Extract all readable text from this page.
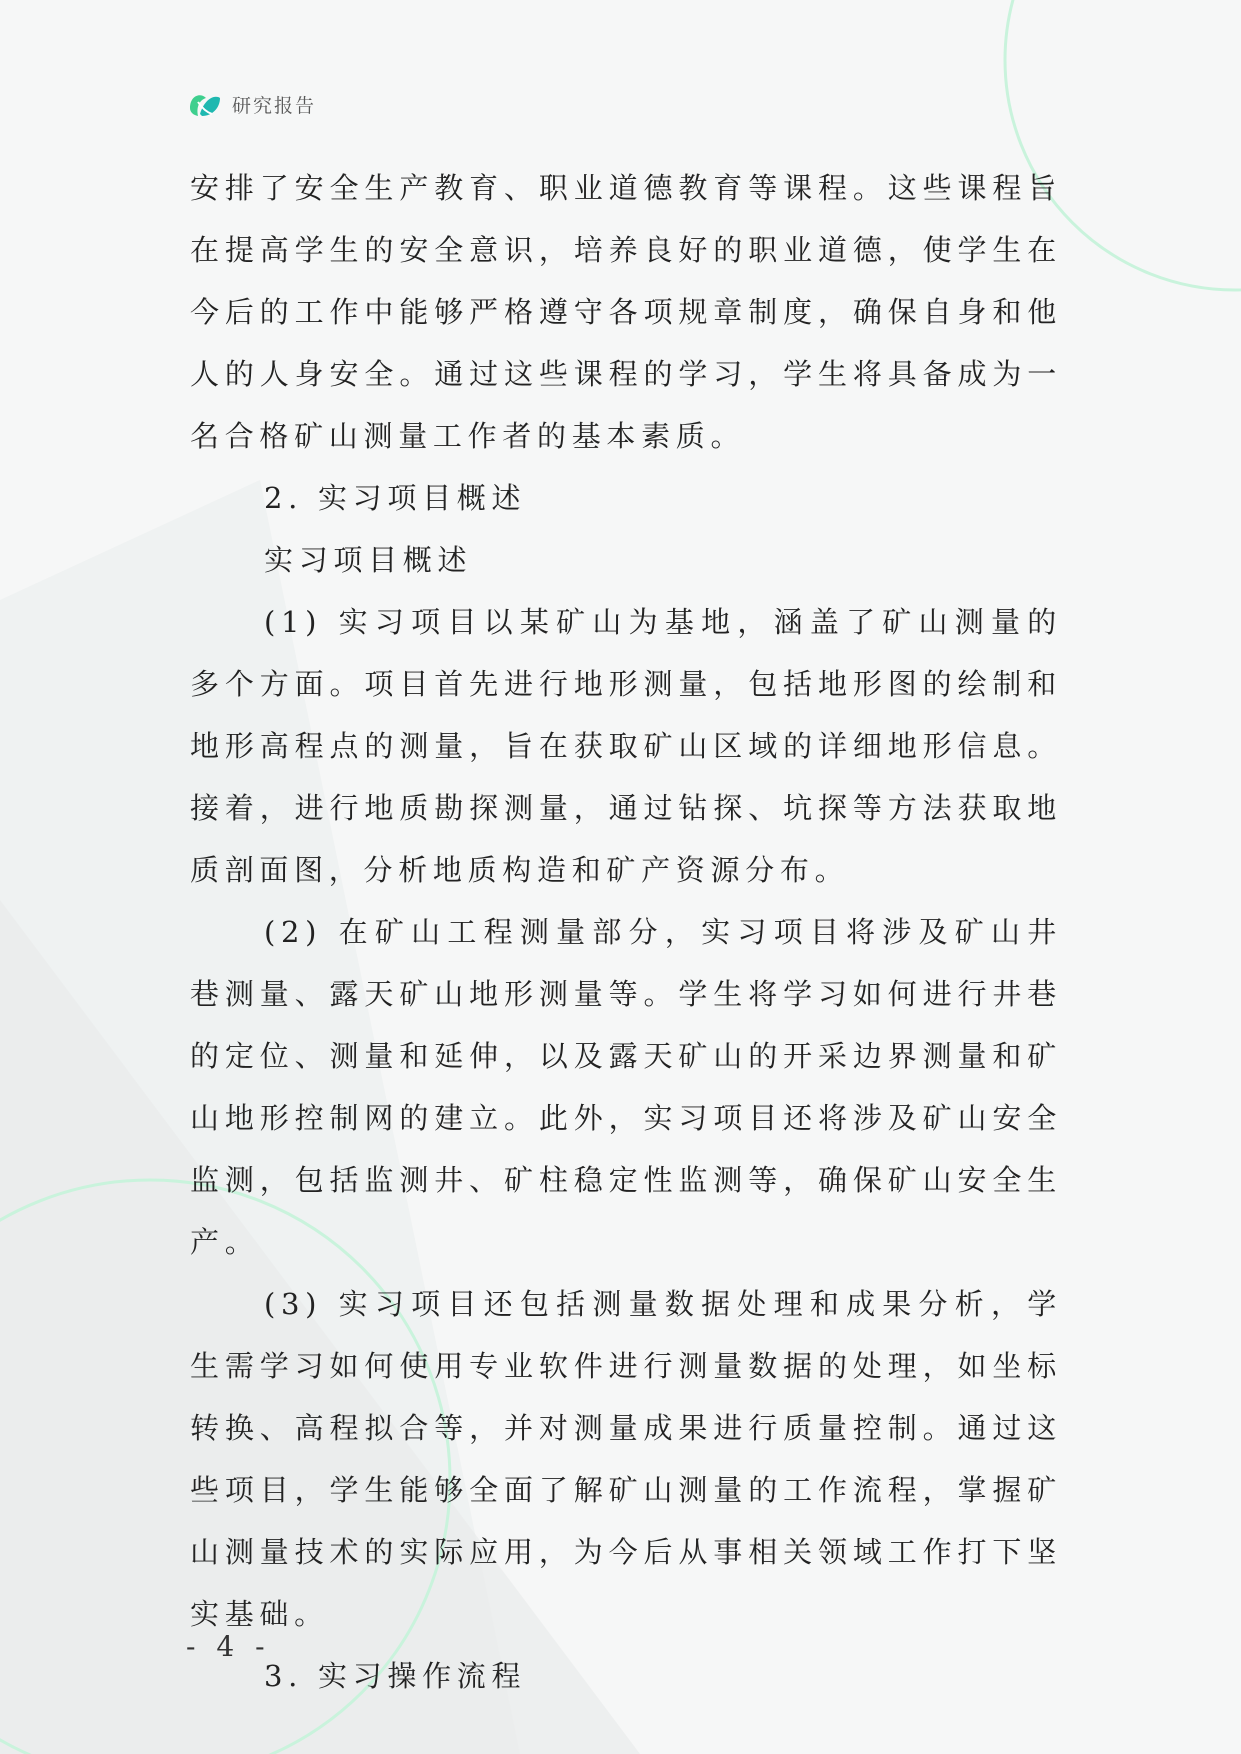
研究报告

安排了安全生产教育、职业道德教育等课程。这些课程旨在提高学生的安全意识，培养良好的职业道德，使学生在今后的工作中能够严格遵守各项规章制度，确保自身和他人的人身安全。通过这些课程的学习，学生将具备成为一名合格矿山测量工作者的基本素质。

2. 实习项目概述

实习项目概述

(1) 实习项目以某矿山为基地，涵盖了矿山测量的多个方面。项目首先进行地形测量，包括地形图的绘制和地形高程点的测量，旨在获取矿山区域的详细地形信息。接着，进行地质勘探测量，通过钻探、坑探等方法获取地质剖面图，分析地质构造和矿产资源分布。

(2) 在矿山工程测量部分，实习项目将涉及矿山井巷测量、露天矿山地形测量等。学生将学习如何进行井巷的定位、测量和延伸，以及露天矿山的开采边界测量和矿山地形控制网的建立。此外，实习项目还将涉及矿山安全监测，包括监测井、矿柱稳定性监测等，确保矿山安全生产。

(3) 实习项目还包括测量数据处理和成果分析，学生需学习如何使用专业软件进行测量数据的处理，如坐标转换、高程拟合等，并对测量成果进行质量控制。通过这些项目，学生能够全面了解矿山测量的工作流程，掌握矿山测量技术的实际应用，为今后从事相关领域工作打下坚实基础。

3. 实习操作流程

- 4 -
